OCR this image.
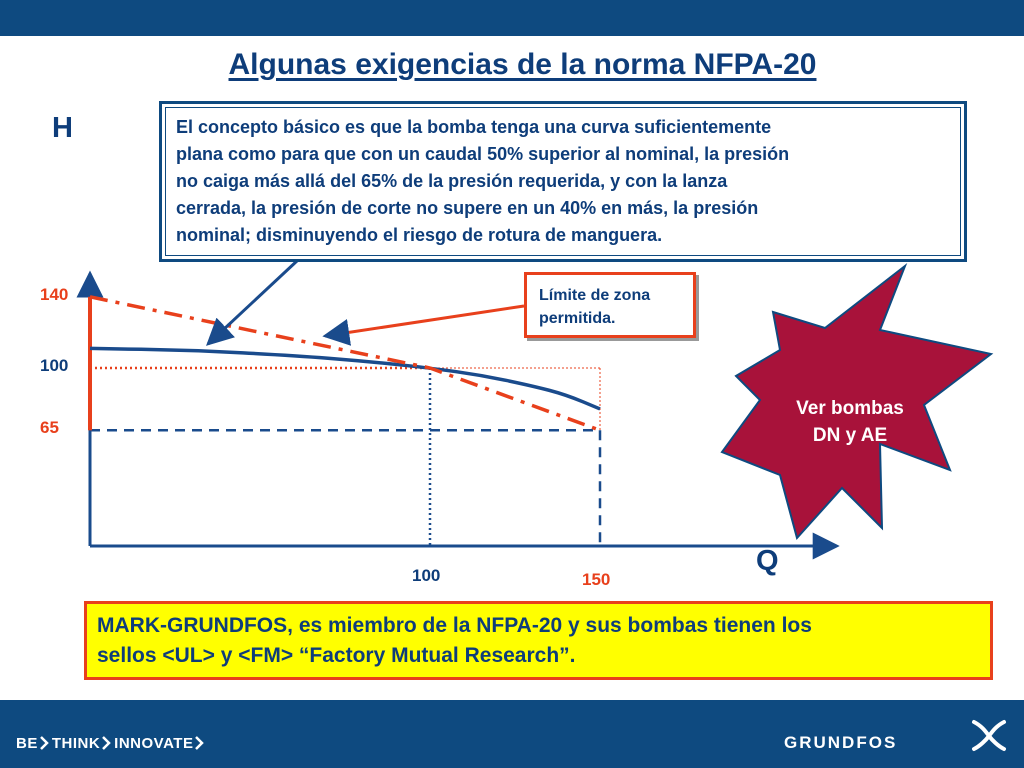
Algunas exigencias de la norma NFPA-20
H
Q
140
100
65
100	150

El concepto básico es que la bomba tenga una curva suficientemente
plana como para que con un caudal 50% superior al nominal, la presión
no caiga más allá del 65% de la presión requerida, y con la lanza
cerrada, la presión de corte no supere en un 40% en más, la presión
nominal; disminuyendo el riesgo de rotura de manguera.

Límite de zona
permitida.

Ver bombas
DN y AE

MARK-GRUNDFOS, es miembro de la NFPA-20 y sus bombas tienen los
sellos <UL> y <FM> “Factory Mutual Research”.

BE THINK INNOVATE	GRUNDFOS
